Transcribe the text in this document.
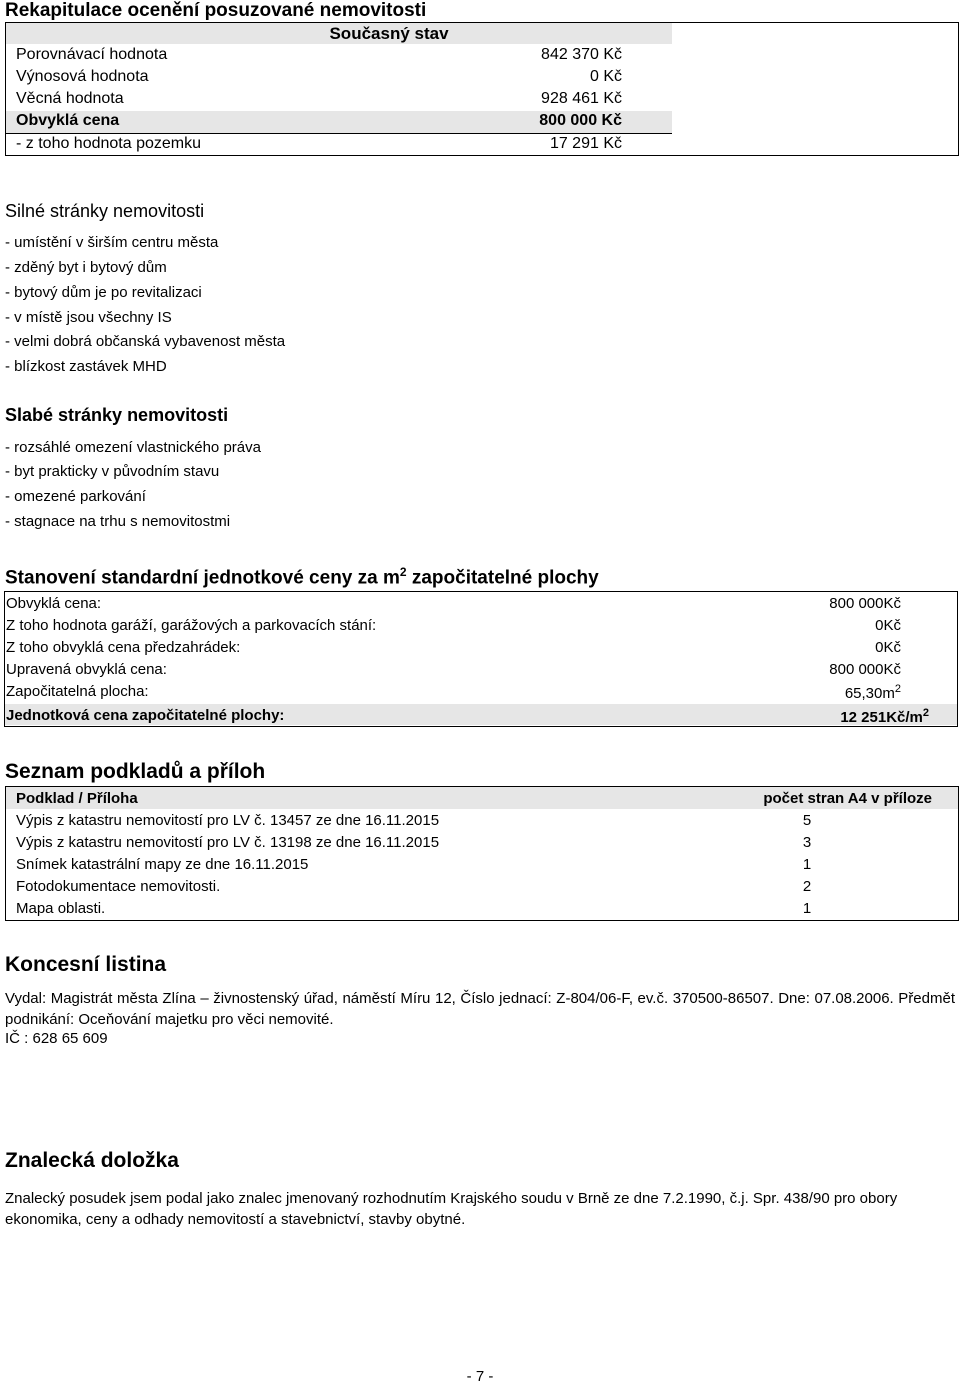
Rekapitulace ocenění posuzované nemovitosti
Současný stav
Porovnávací hodnota	842 370 Kč
Výnosová hodnota	0 Kč
Věcná hodnota	928 461 Kč
Obvyklá cena	800 000 Kč
- z toho hodnota pozemku	17 291 Kč
Silné stránky nemovitosti
- umístění v širším centru města
- zděný byt i bytový dům
- bytový dům je po revitalizaci
- v místě jsou všechny IS
- velmi dobrá občanská vybavenost města
- blízkost zastávek MHD
Slabé stránky nemovitosti
- rozsáhlé omezení vlastnického práva
- byt prakticky v původním stavu
- omezené parkování
- stagnace na trhu s nemovitostmi
Stanovení standardní jednotkové ceny za $m^2$ započitatelné plochy
Obvyklá cena:	800 000Kč
Z toho hodnota garáží, garážových a parkovacích stání:	0Kč
Z toho obvyklá cena předzahrádek:	0Kč
Upravená obvyklá cena:	800 000Kč
Započitatelná plocha:	$65,30m^2$
Jednotková cena započitatelné plochy:	12 $251Kč/m^2$
Seznam podkladů a příloh
Podklad / Příloha	počet stran A4 v příloze
Výpis z katastru nemovitostí pro LV č. 13457 ze dne 16.11.2015	5
Výpis z katastru nemovitostí pro LV č. 13198 ze dne 16.11.2015	3
Snímek katastrální mapy ze dne 16.11.2015	1
Fotodokumentace nemovitosti.	2
Mapa oblasti.	1
Koncesní listina
Vydal: Magistrát města Zlína – živnostenský úřad, náměstí Míru 12, Číslo jednací: Z-804/06-F, ev.č. 370500-86507. Dne: 07.08.2006. Předmět podnikání: Oceňování majetku pro věci nemovité.
IČ : 628 65 609
Znalecká doložka
Znalecký posudek jsem podal jako znalec jmenovaný rozhodnutím Krajského soudu v Brně ze dne 7.2.1990, č.j. Spr. 438/90 pro obory ekonomika, ceny a odhady nemovitostí a stavebnictví, stavby obytné.
- 7 -
